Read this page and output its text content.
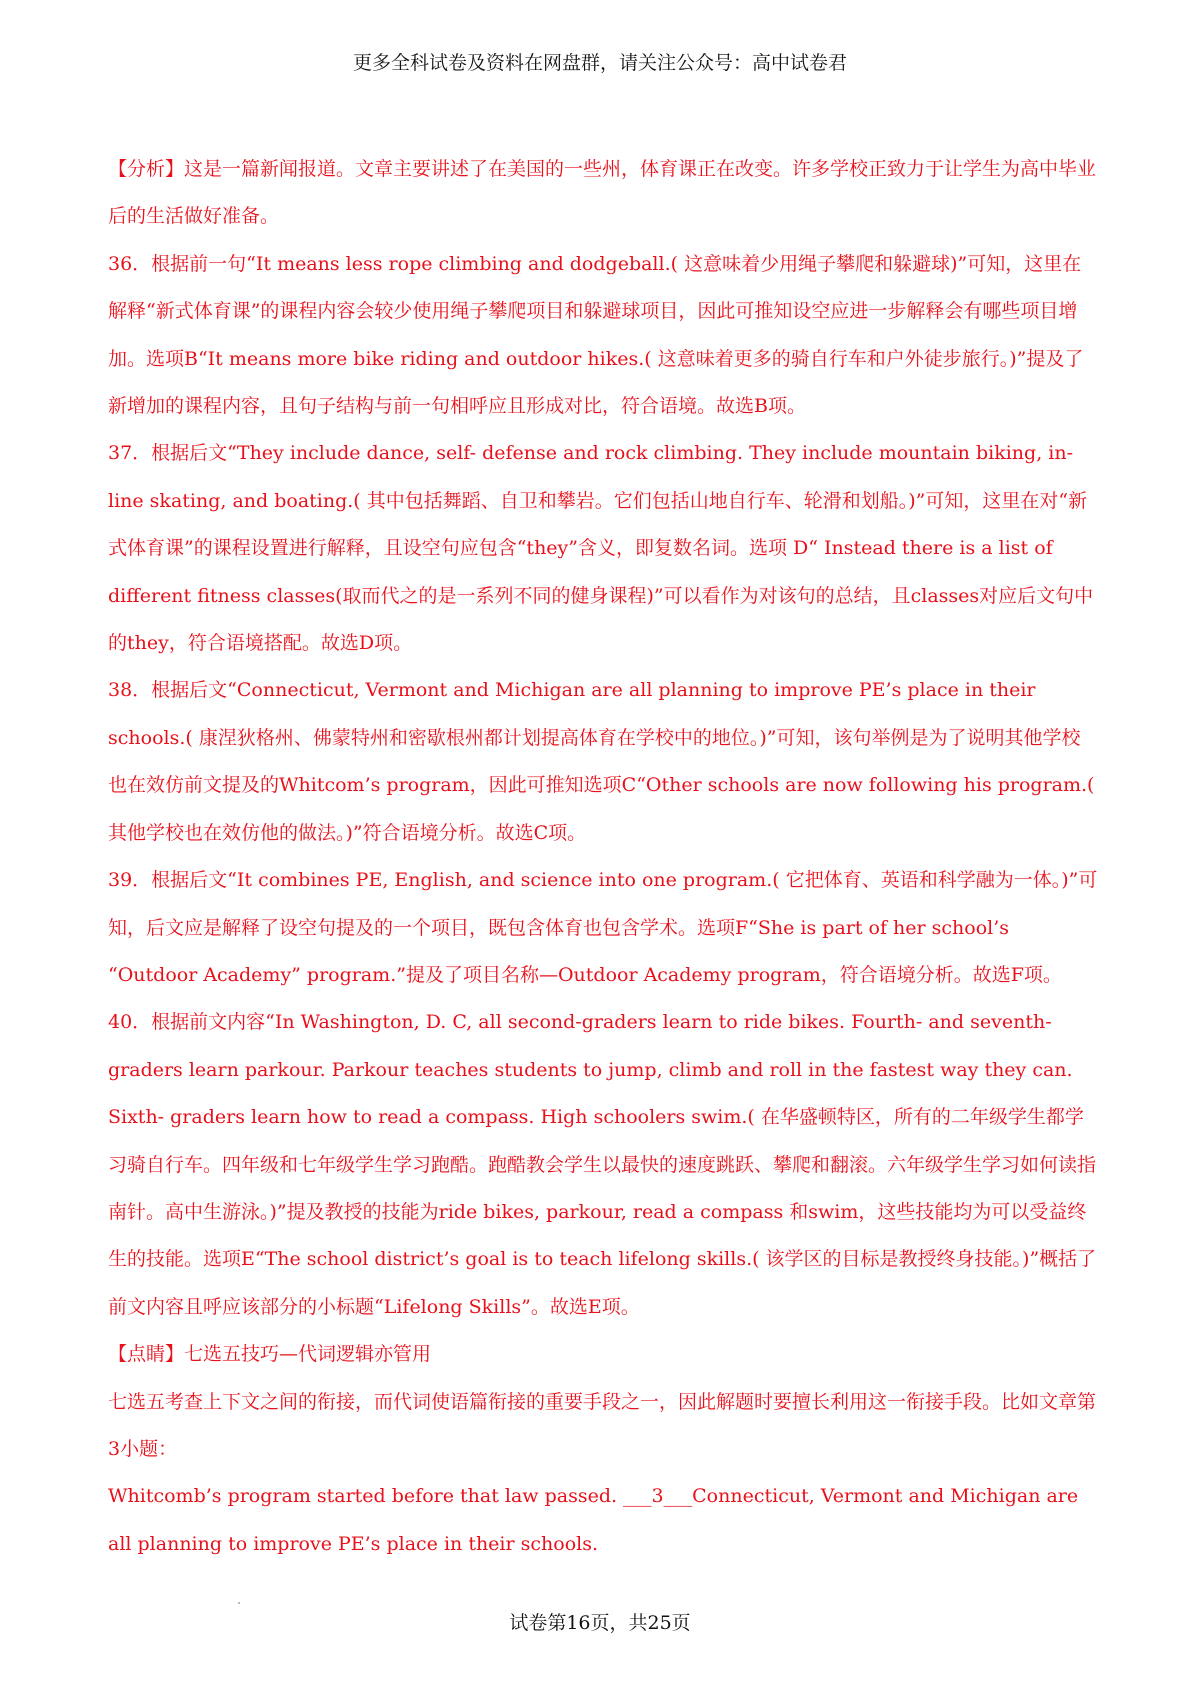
更多全科试卷及资料在网盘群，请关注公众号：高中试卷君

【分析】这是一篇新闻报道。文章主要讲述了在美国的一些州，体育课正在改变。许多学校正致力于让学生为高中毕业后的生活做好准备。

36．根据前一句“It means less rope climbing and dodgeball.( 这意味着少用绳子攀爬和躲避球)”可知，这里在解释“新式体育课”的课程内容会较少使用绳子攀爬项目和躲避球项目，因此可推知设空应进一步解释会有哪些项目增加。选项B“It means more bike riding and outdoor hikes.( 这意味着更多的骑自行车和户外徒步旅行。)”提及了新增加的课程内容，且句子结构与前一句相呼应且形成对比，符合语境。故选B项。

37．根据后文“They include dance, self- defense and rock climbing. They include mountain biking, in-line skating, and boating.( 其中包括舞蹈、自卫和攀岩。它们包括山地自行车、轮滑和划船。)”可知，这里在对“新式体育课”的课程设置进行解释，且设空句应包含“they”含义，即复数名词。选项 D“ Instead there is a list of different fitness classes(取而代之的是一系列不同的健身课程)”可以看作为对该句的总结，且classes对应后文句中的they，符合语境搭配。故选D项。

38．根据后文“Connecticut, Vermont and Michigan are all planning to improve PE’s place in their schools.( 康涅狄格州、佛蒙特州和密歇根州都计划提高体育在学校中的地位。)”可知，该句举例是为了说明其他学校也在效仿前文提及的Whitcom’s program，因此可推知选项C“Other schools are now following his program.( 其他学校也在效仿他的做法。)”符合语境分析。故选C项。

39．根据后文“It combines PE, English, and science into one program.( 它把体育、英语和科学融为一体。)”可知，后文应是解释了设空句提及的一个项目，既包含体育也包含学术。选项F“She is part of her school’s “Outdoor Academy” program.”提及了项目名称—Outdoor Academy program，符合语境分析。故选F项。

40．根据前文内容“In Washington, D. C, all second-graders learn to ride bikes. Fourth- and seventh-graders learn parkour. Parkour teaches students to jump, climb and roll in the fastest way they can. Sixth- graders learn how to read a compass. High schoolers swim.( 在华盛顿特区，所有的二年级学生都学习骑自行车。四年级和七年级学生学习跑酷。跑酷教会学生以最快的速度跳跃、攀爬和翻滚。六年级学生学习如何读指南针。高中生游泳。)”提及教授的技能为ride bikes, parkour, read a compass 和swim，这些技能均为可以受益终生的技能。选项E“The school district’s goal is to teach lifelong skills.( 该学区的目标是教授终身技能。)”概括了前文内容且呼应该部分的小标题“Lifelong Skills”。故选E项。

【点睛】七选五技巧—代词逻辑亦管用

七选五考查上下文之间的衔接，而代词使语篇衔接的重要手段之一，因此解题时要擅长利用这一衔接手段。比如文章第3小题：

Whitcomb’s program started before that law passed. ___3___Connecticut, Vermont and Michigan are all planning to improve PE’s place in their schools.

试卷第16页，共25页
